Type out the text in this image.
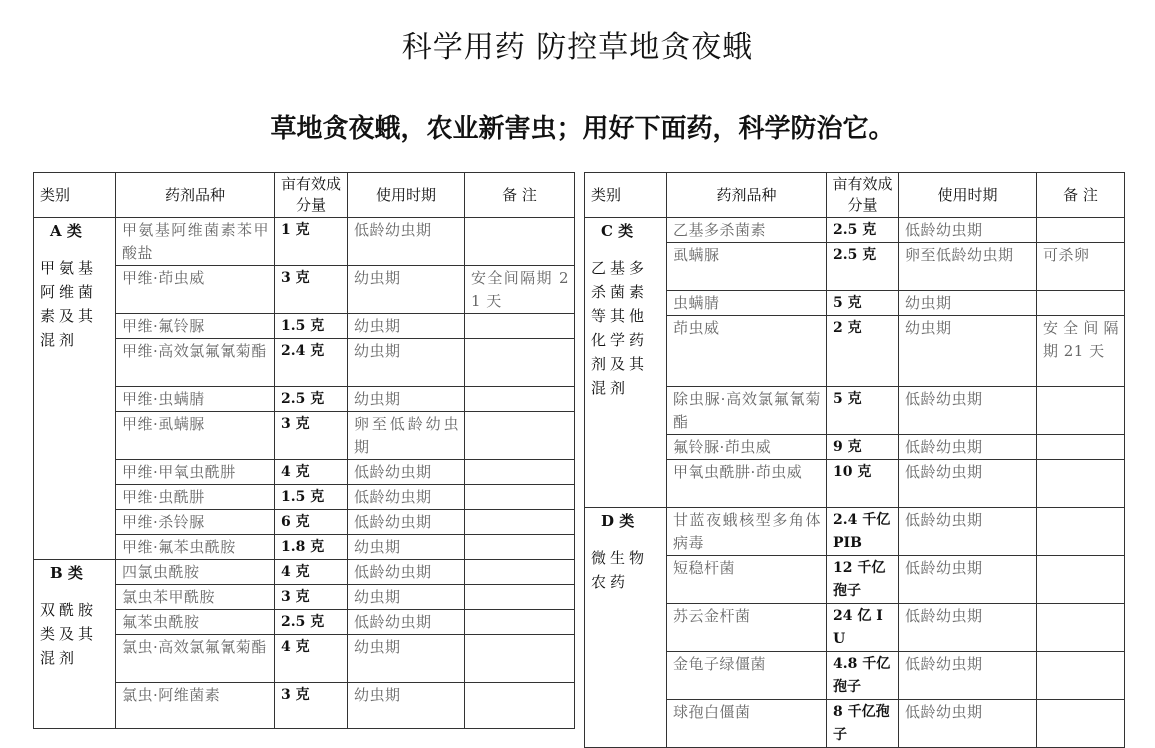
科学用药 防控草地贪夜蛾
草地贪夜蛾，农业新害虫；用好下面药，科学防治它。
类别	药剂品种	亩有效成分量	使用时期	备 注

A 类
甲氨基阿维菌素及其混剂	甲氨基阿维菌素苯甲酸盐	1 克	低龄幼虫期	
	甲维·茚虫威	3 克	幼虫期	安全间隔期 21 天
	甲维·氟铃脲	1.5 克	幼虫期	
	甲维·高效氯氟氰菊酯	2.4 克	幼虫期	
	甲维·虫螨腈	2.5 克	幼虫期	
	甲维·虱螨脲	3 克	卵至低龄幼虫期	
	甲维·甲氧虫酰肼	4 克	低龄幼虫期	
	甲维·虫酰肼	1.5 克	低龄幼虫期	
	甲维·杀铃脲	6 克	低龄幼虫期	
	甲维·氟苯虫酰胺	1.8 克	幼虫期	

B 类
双酰胺类及其混剂	四氯虫酰胺	4 克	低龄幼虫期	
	氯虫苯甲酰胺	3 克	幼虫期	
	氟苯虫酰胺	2.5 克	低龄幼虫期	
	氯虫·高效氯氟氰菊酯	4 克	幼虫期	
	氯虫·阿维菌素	3 克	幼虫期	
类别	药剂品种	亩有效成分量	使用时期	备 注

C 类
乙基多杀菌素等其他化学药剂及其混剂	乙基多杀菌素	2.5 克	低龄幼虫期	
	虱螨脲	2.5 克	卵至低龄幼虫期	可杀卵
	虫螨腈	5 克	幼虫期	
	茚虫威	2 克	幼虫期	安全间隔期 21 天
	除虫脲·高效氯氟氰菊酯	5 克	低龄幼虫期	
	氟铃脲·茚虫威	9 克	低龄幼虫期	
	甲氧虫酰肼·茚虫威	10 克	低龄幼虫期	

D 类
微生物农药	甘蓝夜蛾核型多角体病毒	2.4 千亿 PIB	低龄幼虫期	
	短稳杆菌	12 千亿孢子	低龄幼虫期	
	苏云金杆菌	24 亿 IU	低龄幼虫期	
	金龟子绿僵菌	4.8 千亿孢子	低龄幼虫期	
	球孢白僵菌	8 千亿孢子	低龄幼虫期	
